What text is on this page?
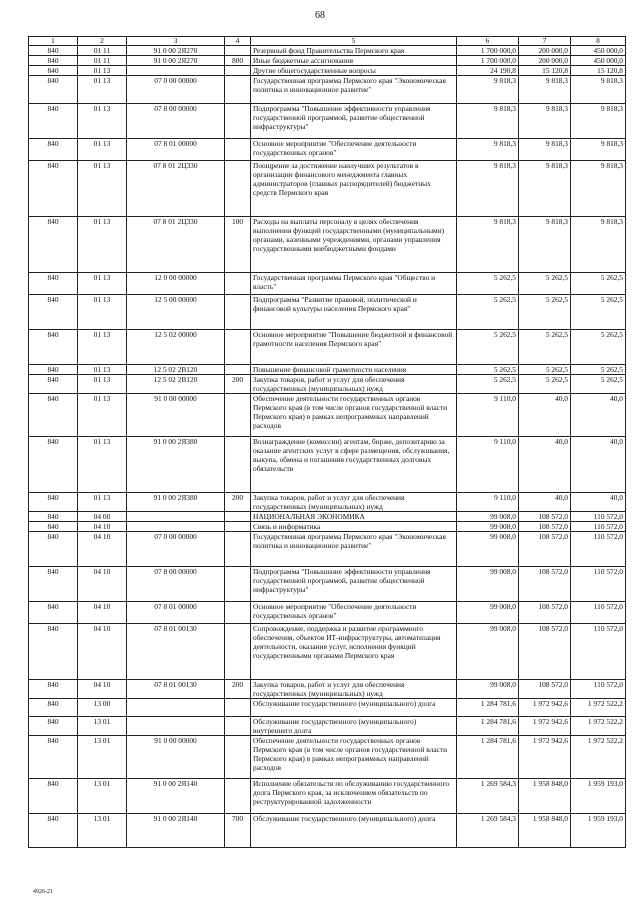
68
1	2	3	4	5	6	7	8
840	01 11	91 0 00 2Я270		Резервный фонд Правительства Пермского края	1 700 000,0	200 000,0	450 000,0
840	01 11	91 0 00 2Я270	800	Иные бюджетные ассигнования	1 700 000,0	200 000,0	450 000,0
840	01 13			Другие общегосударственные вопросы	24 190,8	15 120,8	15 120,8
840	01 13	07 0 00 00000		Государственная программа Пермского края "Экономическая политика и инновационное развитие"	9 818,3	9 818,3	9 818,3
840	01 13	07 8 00 00000		Подпрограмма "Повышение эффективности управления государственной программой, развитие общественной инфраструктуры"	9 818,3	9 818,3	9 818,3
840	01 13	07 8 01 00000		Основное мероприятие "Обеспечение деятельности государственных органов"	9 818,3	9 818,3	9 818,3
840	01 13	07 8 01 2Ц330		Поощрение за достижение наилучших результатов в организации финансового менеджмента главных администраторов (главных распорядителей) бюджетных средств Пермского края	9 818,3	9 818,3	9 818,3
840	01 13	07 8 01 2Ц330	100	Расходы на выплаты персоналу в целях обеспечения выполнения функций государственными (муниципальными) органами, казенными учреждениями, органами управления государственными внебюджетными фондами	9 818,3	9 818,3	9 818,3
840	01 13	12 0 00 00000		Государственная программа Пермского края "Общество и власть"	5 262,5	5 262,5	5 262,5
840	01 13	12 5 00 00000		Подпрограмма "Развитие правовой, политической и финансовой культуры населения Пермского края"	5 262,5	5 262,5	5 262,5
840	01 13	12 5 02 00000		Основное мероприятие "Повышение бюджетной и финансовой грамотности населения Пермского края"	5 262,5	5 262,5	5 262,5
840	01 13	12 5 02 2В120		Повышение финансовой грамотности населения	5 262,5	5 262,5	5 262,5
840	01 13	12 5 02 2В120	200	Закупка товаров, работ и услуг для обеспечения государственных (муниципальных) нужд	5 262,5	5 262,5	5 262,5
840	01 13	91 0 00 00000		Обеспечение деятельности государственных органов Пермского края (в том числе органов государственной власти Пермского края) в рамках непрограммных направлений расходов	9 110,0	40,0	40,0
840	01 13	91 0 00 2Я380		Вознаграждение (комиссии) агентам, бирже, депозитарию за оказание агентских услуг в сфере размещения, обслуживания, выкупа, обмена и погашения государственных долговых обязательств	9 110,0	40,0	40,0
840	01 13	91 0 00 2Я380	200	Закупка товаров, работ и услуг для обеспечения государственных (муниципальных) нужд	9 110,0	40,0	40,0
840	04 00			НАЦИОНАЛЬНАЯ ЭКОНОМИКА	99 008,0	108 572,0	110 572,0
840	04 10			Связь и информатика	99 008,0	108 572,0	110 572,0
840	04 10	07 0 00 00000		Государственная программа Пермского края "Экономическая политика и инновационное развитие"	99 008,0	108 572,0	110 572,0
840	04 10	07 8 00 00000		Подпрограмма "Повышение эффективности управления государственной программой, развитие общественной инфраструктуры"	99 008,0	108 572,0	110 572,0
840	04 10	07 8 01 00000		Основное мероприятие "Обеспечение деятельности государственных органов"	99 008,0	108 572,0	110 572,0
840	04 10	07 8 01 00130		Сопровождение, поддержка и развитие программного обеспечения, объектов ИТ-инфраструктуры, автоматизация деятельности, оказания услуг, исполнения функций государственными органами Пермского края	99 008,0	108 572,0	110 572,0
840	04 10	07 8 01 00130	200	Закупка товаров, работ и услуг для обеспечения государственных (муниципальных) нужд	99 008,0	108 572,0	110 572,0
840	13 00			Обслуживание государственного (муниципального) долга	1 284 781,6	1 972 942,6	1 972 522,2
840	13 01			Обслуживание государственного (муниципального) внутреннего долга	1 284 781,6	1 972 942,6	1 972 522,2
840	13 01	91 0 00 00000		Обеспечение деятельности государственных органов Пермского края (в том числе органов государственной власти Пермского края) в рамках непрограммных направлений расходов	1 284 781,6	1 972 942,6	1 972 522,2
840	13 01	91 0 00 2Я140		Исполнение обязательств по обслуживанию государственного долга Пермского края, за исключением обязательств по реструктурированной задолженности	1 269 584,3	1 958 848,0	1 959 193,0
840	13 01	91 0 00 2Я140	700	Обслуживание государственного (муниципального) долга	1 269 584,3	1 958 848,0	1 959 193,0
4926-21
